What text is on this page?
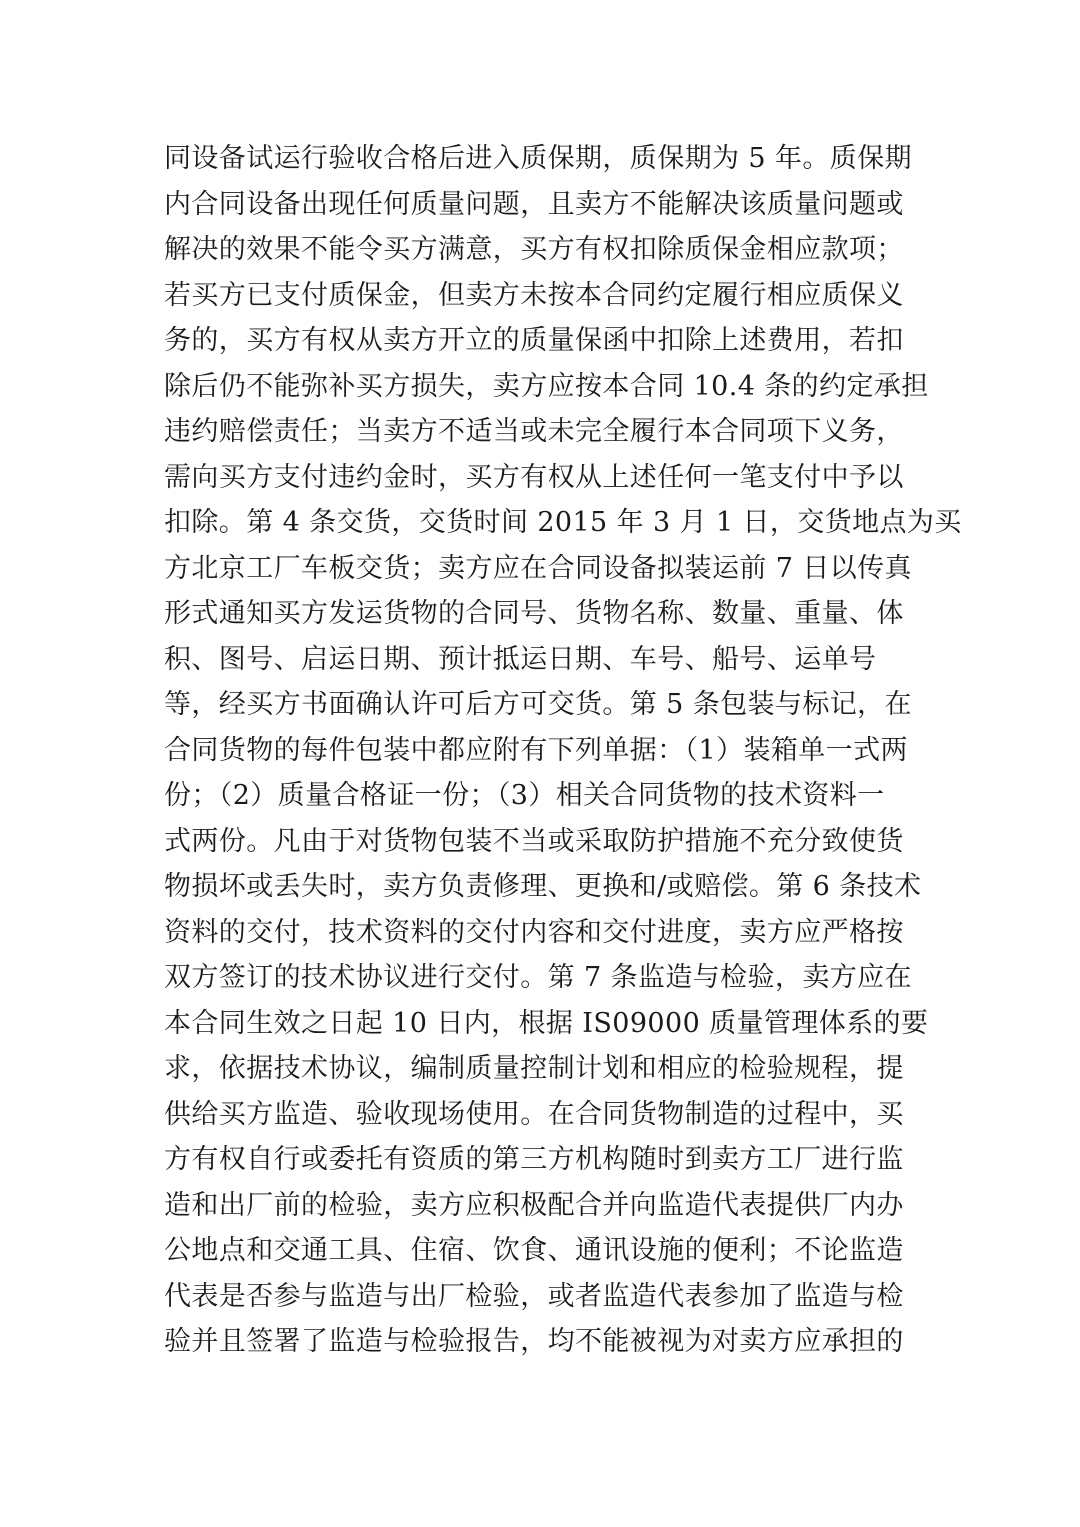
同设备试运行验收合格后进入质保期，质保期为 5 年。质保期
内合同设备出现任何质量问题，且卖方不能解决该质量问题或
解决的效果不能令买方满意，买方有权扣除质保金相应款项；
若买方已支付质保金，但卖方未按本合同约定履行相应质保义
务的，买方有权从卖方开立的质量保函中扣除上述费用，若扣
除后仍不能弥补买方损失，卖方应按本合同 10.4 条的约定承担
违约赔偿责任；当卖方不适当或未完全履行本合同项下义务，
需向买方支付违约金时，买方有权从上述任何一笔支付中予以
扣除。第 4 条交货，交货时间 2015 年 3 月 1 日，交货地点为买
方北京工厂车板交货；卖方应在合同设备拟装运前 7 日以传真
形式通知买方发运货物的合同号、货物名称、数量、重量、体
积、图号、启运日期、预计抵运日期、车号、船号、运单号
等，经买方书面确认许可后方可交货。第 5 条包装与标记，在
合同货物的每件包装中都应附有下列单据：（1）装箱单一式两
份；（2）质量合格证一份；（3）相关合同货物的技术资料一
式两份。凡由于对货物包装不当或采取防护措施不充分致使货
物损坏或丢失时，卖方负责修理、更换和/或赔偿。第 6 条技术
资料的交付，技术资料的交付内容和交付进度，卖方应严格按
双方签订的技术协议进行交付。第 7 条监造与检验，卖方应在
本合同生效之日起 10 日内，根据 IS09000 质量管理体系的要
求，依据技术协议，编制质量控制计划和相应的检验规程，提
供给买方监造、验收现场使用。在合同货物制造的过程中，买
方有权自行或委托有资质的第三方机构随时到卖方工厂进行监
造和出厂前的检验，卖方应积极配合并向监造代表提供厂内办
公地点和交通工具、住宿、饮食、通讯设施的便利；不论监造
代表是否参与监造与出厂检验，或者监造代表参加了监造与检
验并且签署了监造与检验报告，均不能被视为对卖方应承担的
